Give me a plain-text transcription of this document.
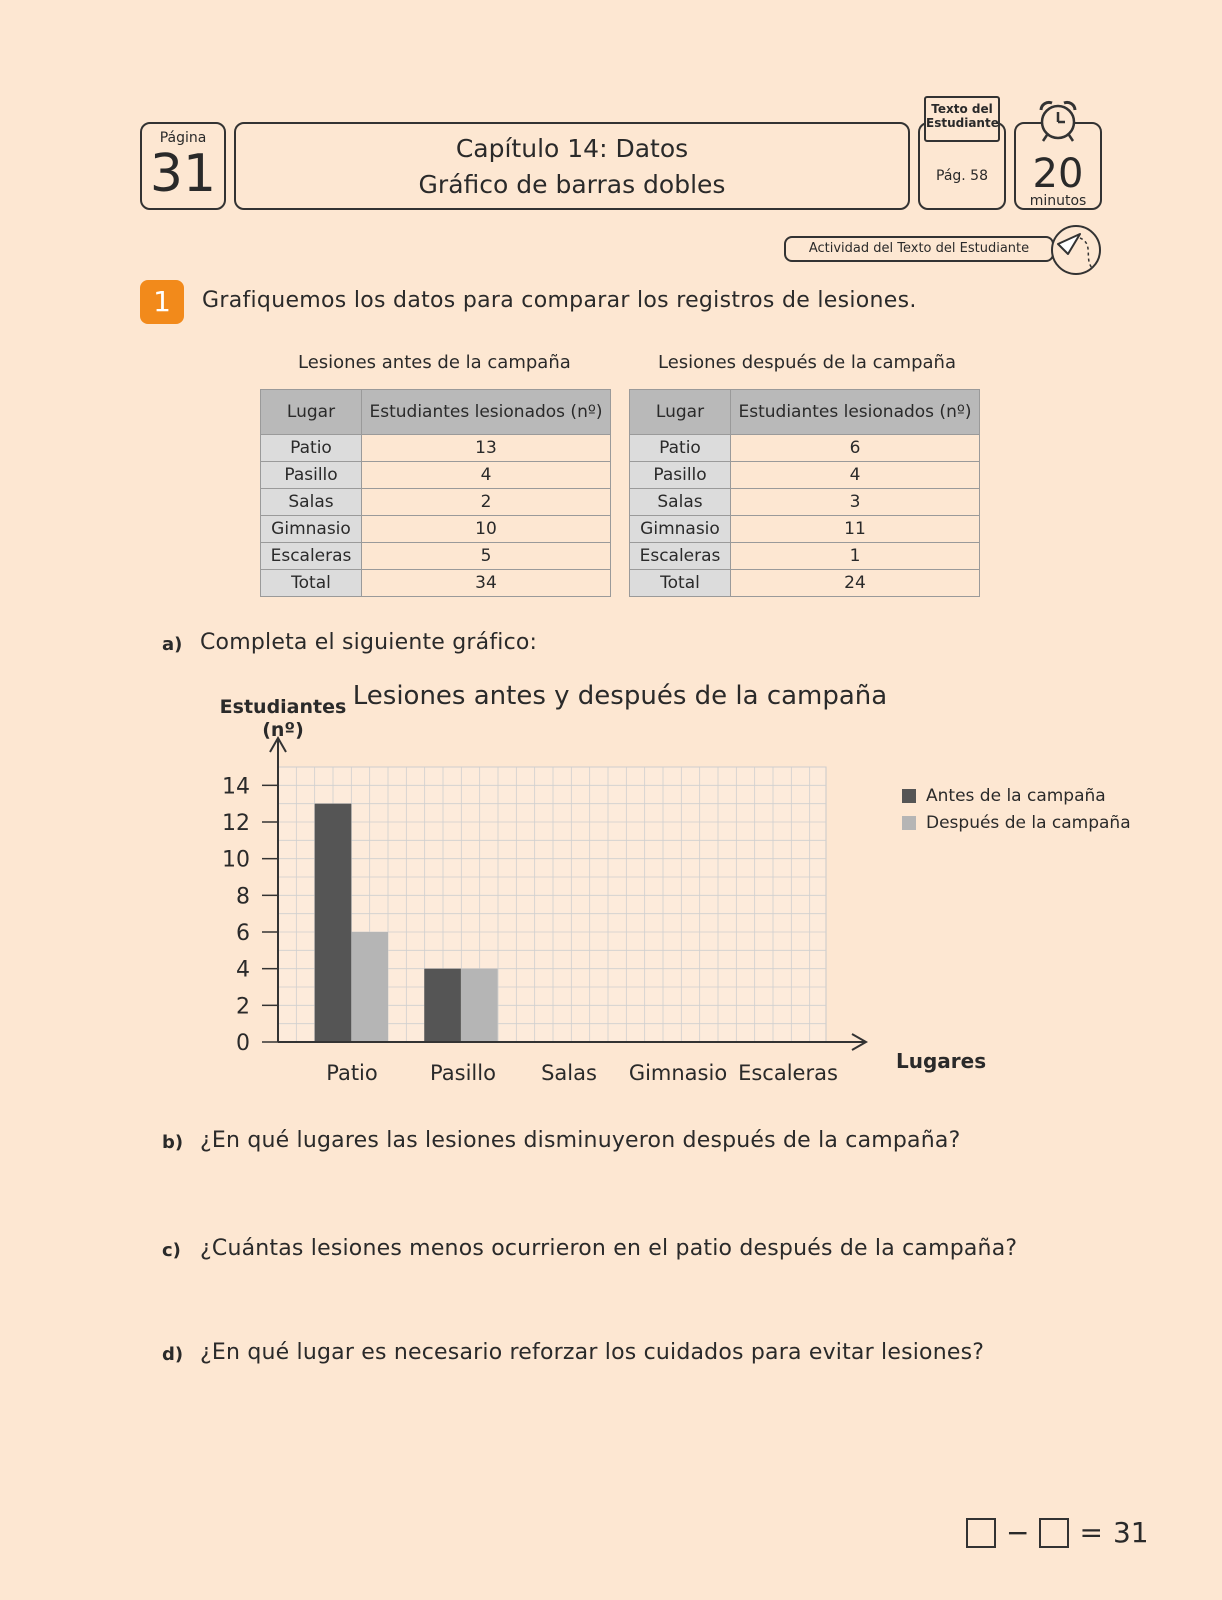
Página
31	Capítulo 14: Datos
Gráfico de barras dobles	Pág. 58
Texto del
Estudiante
20
minutos
Actividad del Texto del Estudiante
1	Grafiquemos los datos para comparar los registros de lesiones.
Lesiones antes de la campaña
Lugar	Estudiantes lesionados (nº)
Patio	13
Pasillo	4
Salas	2
Gimnasio	10
Escaleras	5
Total	34
Lesiones después de la campaña
Lugar	Estudiantes lesionados (nº)
Patio	6
Pasillo	4
Salas	3
Gimnasio	11
Escaleras	1
Total	24
a) Completa el siguiente gráfico:
0
2
4
6
8
10
12
14
Lesiones antes y después de la campaña
Estudiantes
(nº)
Lugares
Patio Pasillo Salas Gimnasio Escaleras
Antes de la campaña
Después de la campaña
b) ¿En qué lugares las lesiones disminuyeron después de la campaña?
c) ¿Cuántas lesiones menos ocurrieron en el patio después de la campaña?
d) ¿En qué lugar es necesario reforzar los cuidados para evitar lesiones?
− = 31
